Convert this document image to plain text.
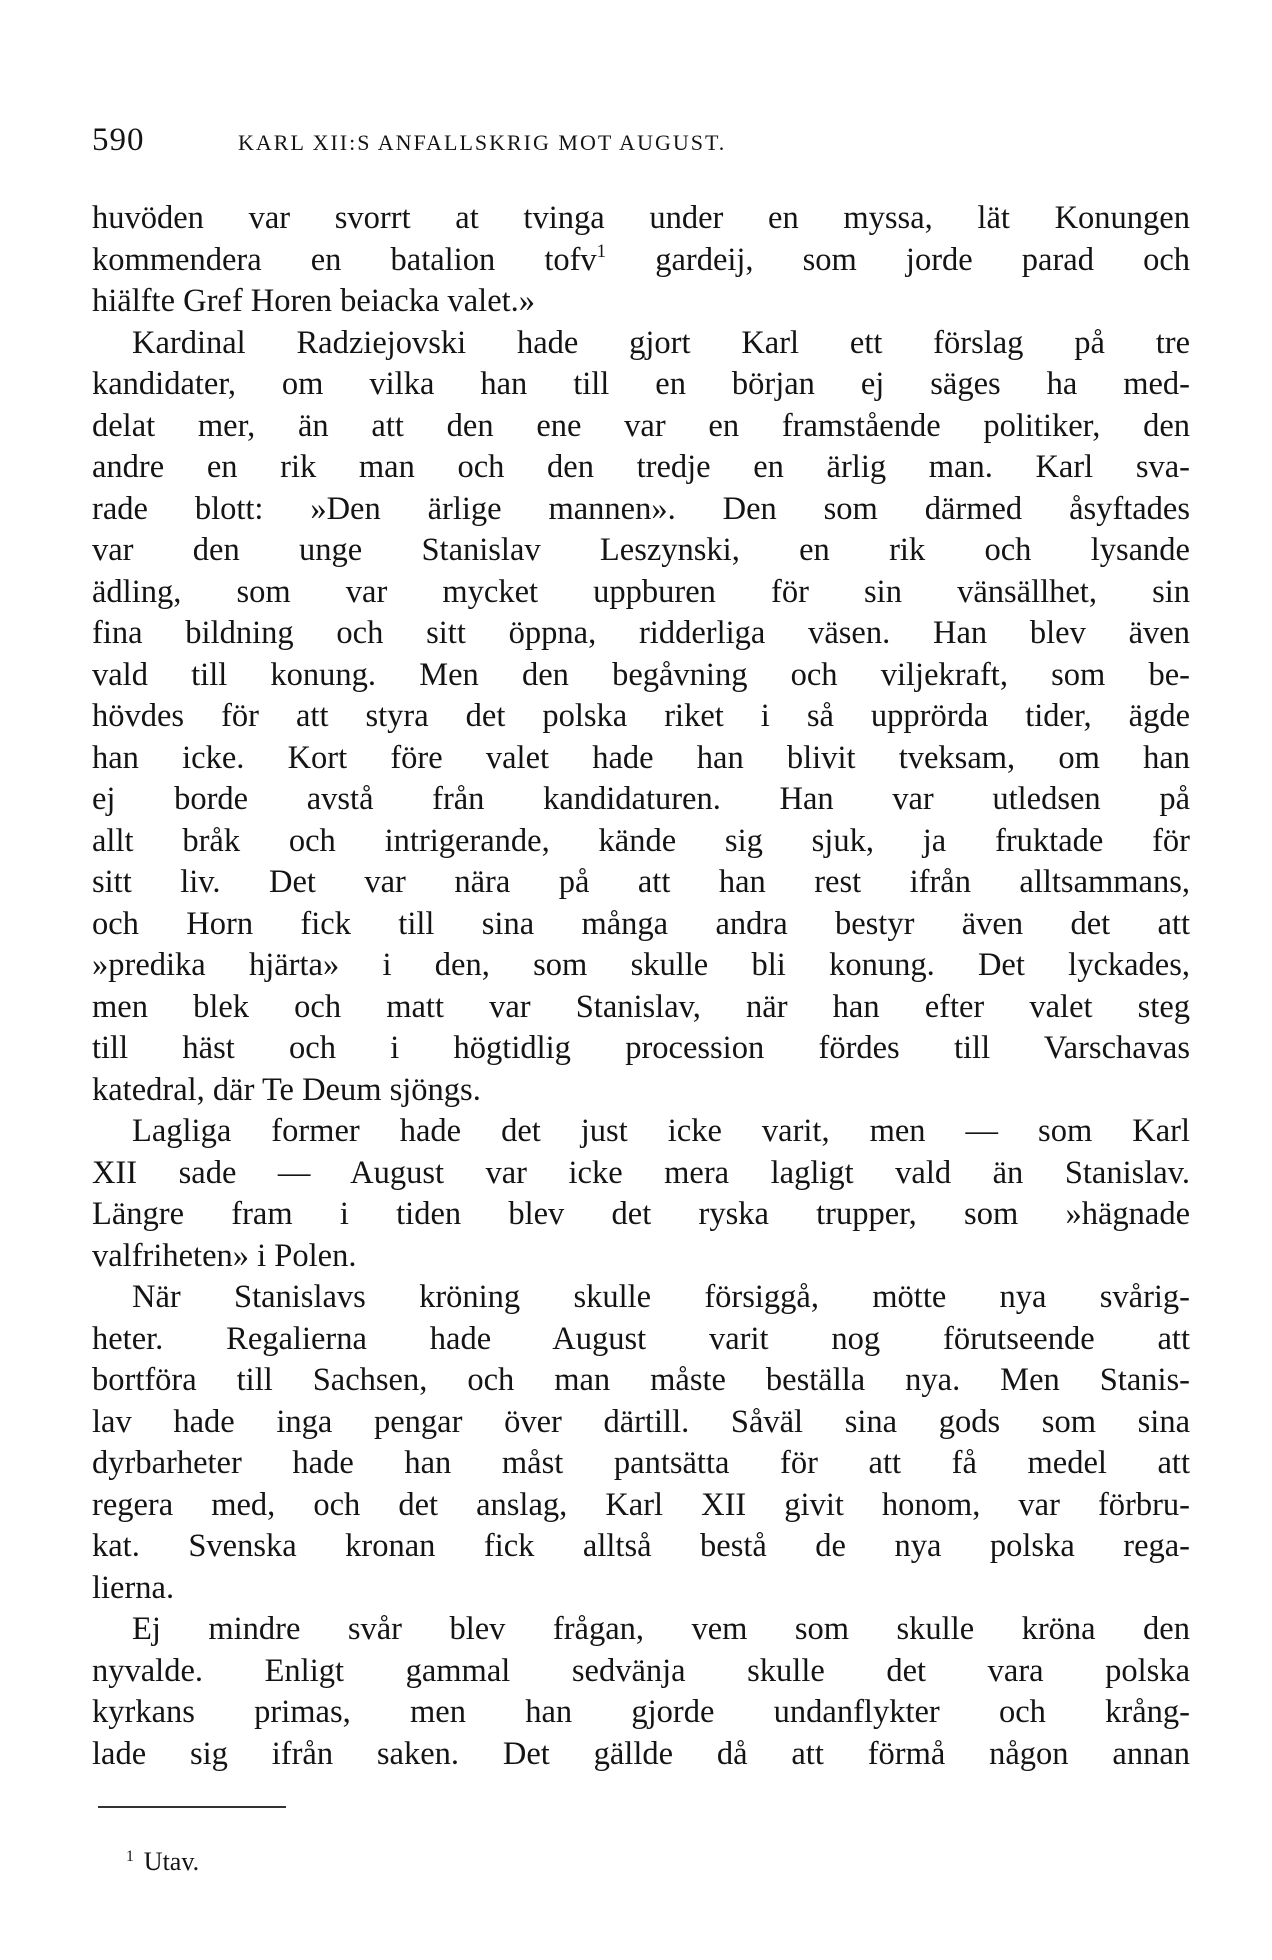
590	KARL XII:S ANFALLSKRIG MOT AUGUST.
huvöden var svorrt at tvinga under en myssa, lät Konungen
kommendera en batalion tofv$^1$ gardeij, som jorde parad och
hiälfte Gref Horen beiacka valet.»
Kardinal Radziejovski hade gjort Karl ett förslag på tre
kandidater, om vilka han till en början ej säges ha med-
delat mer, än att den ene var en framstående politiker, den
andre en rik man och den tredje en ärlig man. Karl sva-
rade blott: »Den ärlige mannen». Den som därmed åsyftades
var den unge Stanislav Leszynski, en rik och lysande
ädling, som var mycket uppburen för sin vänsällhet, sin
fina bildning och sitt öppna, ridderliga väsen. Han blev även
vald till konung. Men den begåvning och viljekraft, som be-
hövdes för att styra det polska riket i så upprörda tider, ägde
han icke. Kort före valet hade han blivit tveksam, om han
ej borde avstå från kandidaturen. Han var utledsen på
allt bråk och intrigerande, kände sig sjuk, ja fruktade för
sitt liv. Det var nära på att han rest ifrån alltsammans,
och Horn fick till sina många andra bestyr även det att
»predika hjärta» i den, som skulle bli konung. Det lyckades,
men blek och matt var Stanislav, när han efter valet steg
till häst och i högtidlig procession fördes till Varschavas
katedral, där Te Deum sjöngs.
Lagliga former hade det just icke varit, men — som Karl
XII sade — August var icke mera lagligt vald än Stanislav.
Längre fram i tiden blev det ryska trupper, som »hägnade
valfriheten» i Polen.
När Stanislavs kröning skulle försiggå, mötte nya svårig-
heter. Regalierna hade August varit nog förutseende att
bortföra till Sachsen, och man måste beställa nya. Men Stanis-
lav hade inga pengar över därtill. Såväl sina gods som sina
dyrbarheter hade han måst pantsätta för att få medel att
regera med, och det anslag, Karl XII givit honom, var förbru-
kat. Svenska kronan fick alltså bestå de nya polska rega-
lierna.
Ej mindre svår blev frågan, vem som skulle kröna den
nyvalde. Enligt gammal sedvänja skulle det vara polska
kyrkans primas, men han gjorde undanflykter och krång-
lade sig ifrån saken. Det gällde då att förmå någon annan
$^1$ Utav.
